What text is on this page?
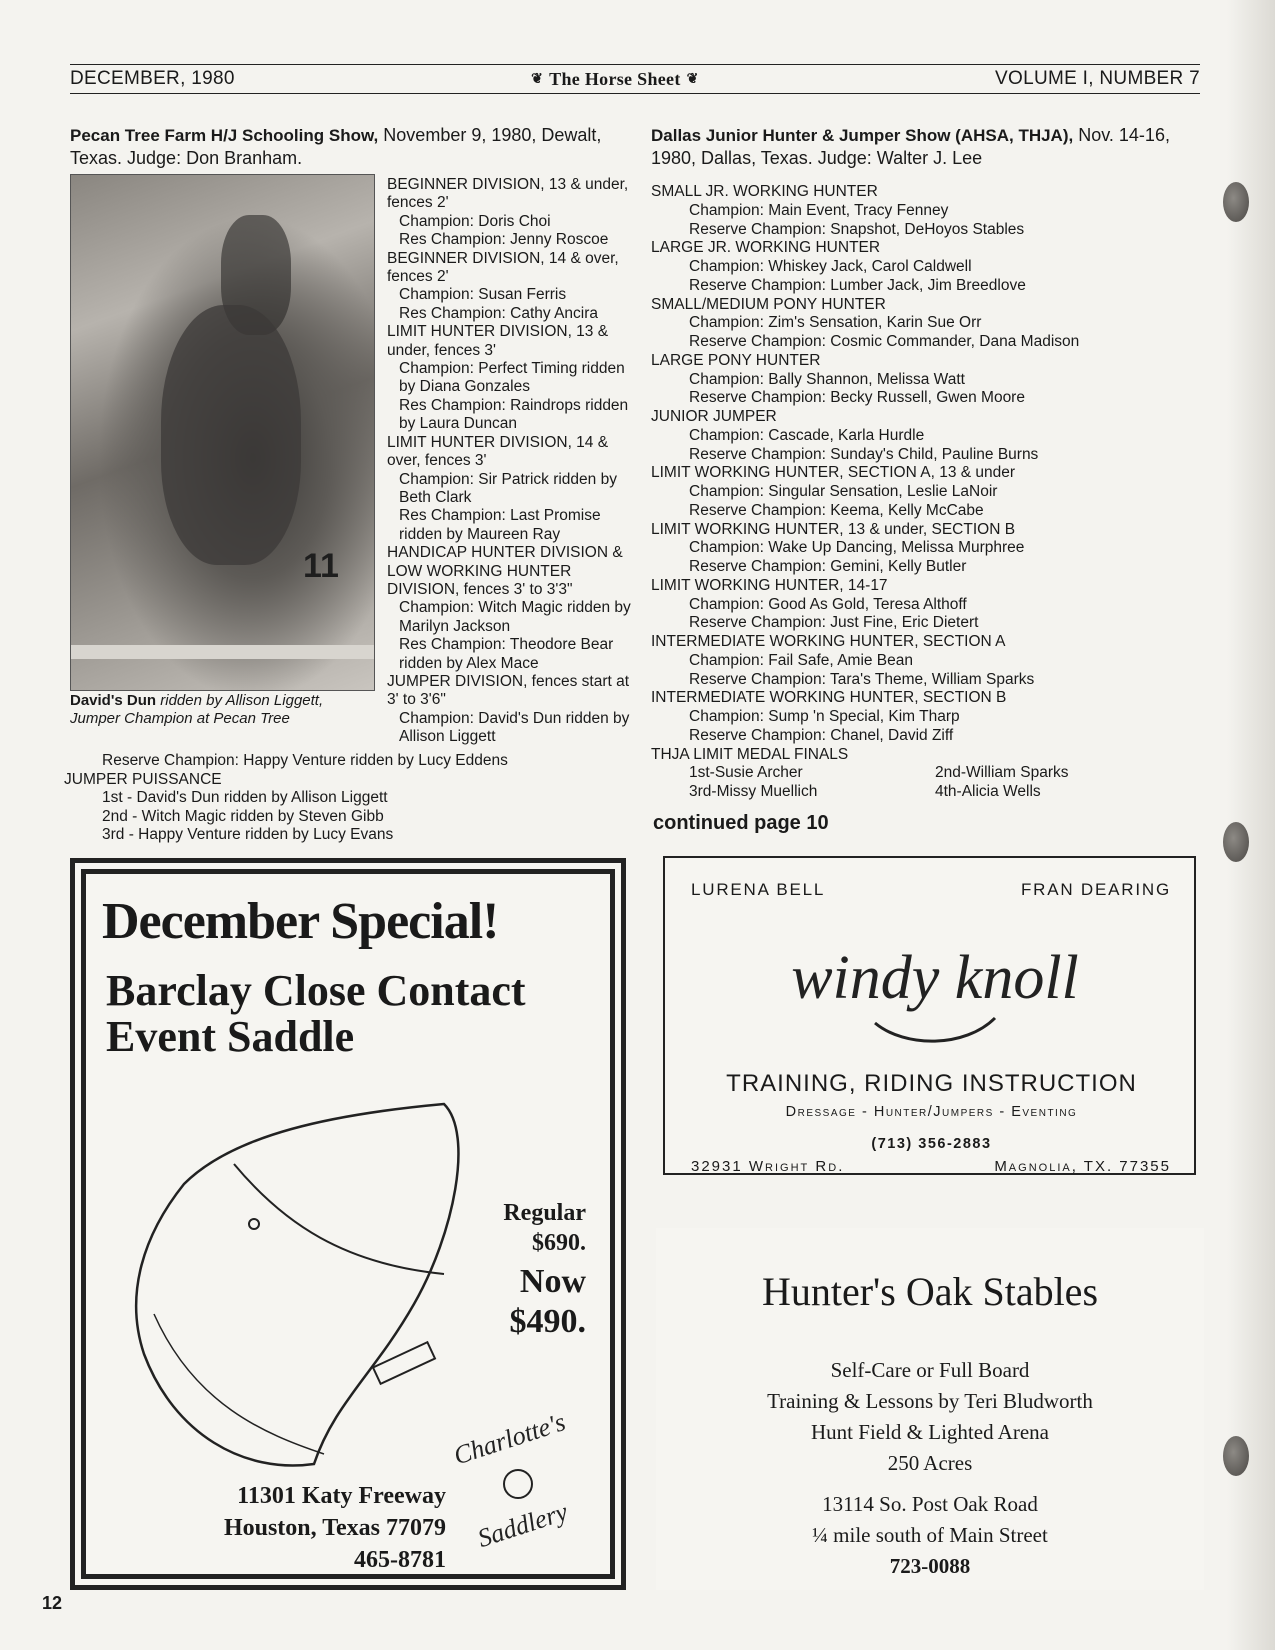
DECEMBER, 1980	❦ The Horse Sheet ❦	VOLUME I, NUMBER 7
Pecan Tree Farm H/J Schooling Show, November 9, 1980, Dewalt, Texas. Judge: Don Branham.
11
David's Dun ridden by Allison Liggett, Jumper Champion at Pecan Tree
BEGINNER DIVISION, 13 & under, fences 2'
Champion: Doris Choi
Res Champion: Jenny Roscoe
BEGINNER DIVISION, 14 & over, fences 2'
Champion: Susan Ferris
Res Champion: Cathy Ancira
LIMIT HUNTER DIVISION, 13 & under, fences 3'
Champion: Perfect Timing ridden by Diana Gonzales
Res Champion: Raindrops ridden by Laura Duncan
LIMIT HUNTER DIVISION, 14 & over, fences 3'
Champion: Sir Patrick ridden by Beth Clark
Res Champion: Last Promise ridden by Maureen Ray
HANDICAP HUNTER DIVISION & LOW WORKING HUNTER DIVISION, fences 3' to 3'3"
Champion: Witch Magic ridden by Marilyn Jackson
Res Champion: Theodore Bear ridden by Alex Mace
JUMPER DIVISION, fences start at 3' to 3'6"
Champion: David's Dun ridden by Allison Liggett
Reserve Champion: Happy Venture ridden by Lucy Eddens
JUMPER PUISSANCE
1st - David's Dun ridden by Allison Liggett
2nd - Witch Magic ridden by Steven Gibb
3rd - Happy Venture ridden by Lucy Evans
Dallas Junior Hunter & Jumper Show (AHSA, THJA), Nov. 14-16, 1980, Dallas, Texas. Judge: Walter J. Lee
SMALL JR. WORKING HUNTER
Champion: Main Event, Tracy Fenney
Reserve Champion: Snapshot, DeHoyos Stables
LARGE JR. WORKING HUNTER
Champion: Whiskey Jack, Carol Caldwell
Reserve Champion: Lumber Jack, Jim Breedlove
SMALL/MEDIUM PONY HUNTER
Champion: Zim's Sensation, Karin Sue Orr
Reserve Champion: Cosmic Commander, Dana Madison
LARGE PONY HUNTER
Champion: Bally Shannon, Melissa Watt
Reserve Champion: Becky Russell, Gwen Moore
JUNIOR JUMPER
Champion: Cascade, Karla Hurdle
Reserve Champion: Sunday's Child, Pauline Burns
LIMIT WORKING HUNTER, SECTION A, 13 & under
Champion: Singular Sensation, Leslie LaNoir
Reserve Champion: Keema, Kelly McCabe
LIMIT WORKING HUNTER, 13 & under, SECTION B
Champion: Wake Up Dancing, Melissa Murphree
Reserve Champion: Gemini, Kelly Butler
LIMIT WORKING HUNTER, 14-17
Champion: Good As Gold, Teresa Althoff
Reserve Champion: Just Fine, Eric Dietert
INTERMEDIATE WORKING HUNTER, SECTION A
Champion: Fail Safe, Amie Bean
Reserve Champion: Tara's Theme, William Sparks
INTERMEDIATE WORKING HUNTER, SECTION B
Champion: Sump 'n Special, Kim Tharp
Reserve Champion: Chanel, David Ziff
THJA LIMIT MEDAL FINALS
1st-Susie Archer	2nd-William Sparks
3rd-Missy Muellich	4th-Alicia Wells
continued page 10
December Special!
Barclay Close Contact Event Saddle
Regular
$690.
Now
$490.
11301 Katy Freeway
Houston, Texas 77079
465-8781
Charlotte's
Saddlery
LURENA BELL	FRAN DEARING
windy knoll
TRAINING, RIDING INSTRUCTION
Dressage - Hunter/Jumpers - Eventing
(713) 356-2883
32931 Wright Rd.	Magnolia, TX. 77355
Hunter's Oak Stables
Self-Care or Full Board
Training & Lessons by Teri Bludworth
Hunt Field & Lighted Arena
250 Acres
13114 So. Post Oak Road
¼ mile south of Main Street
723-0088
12
